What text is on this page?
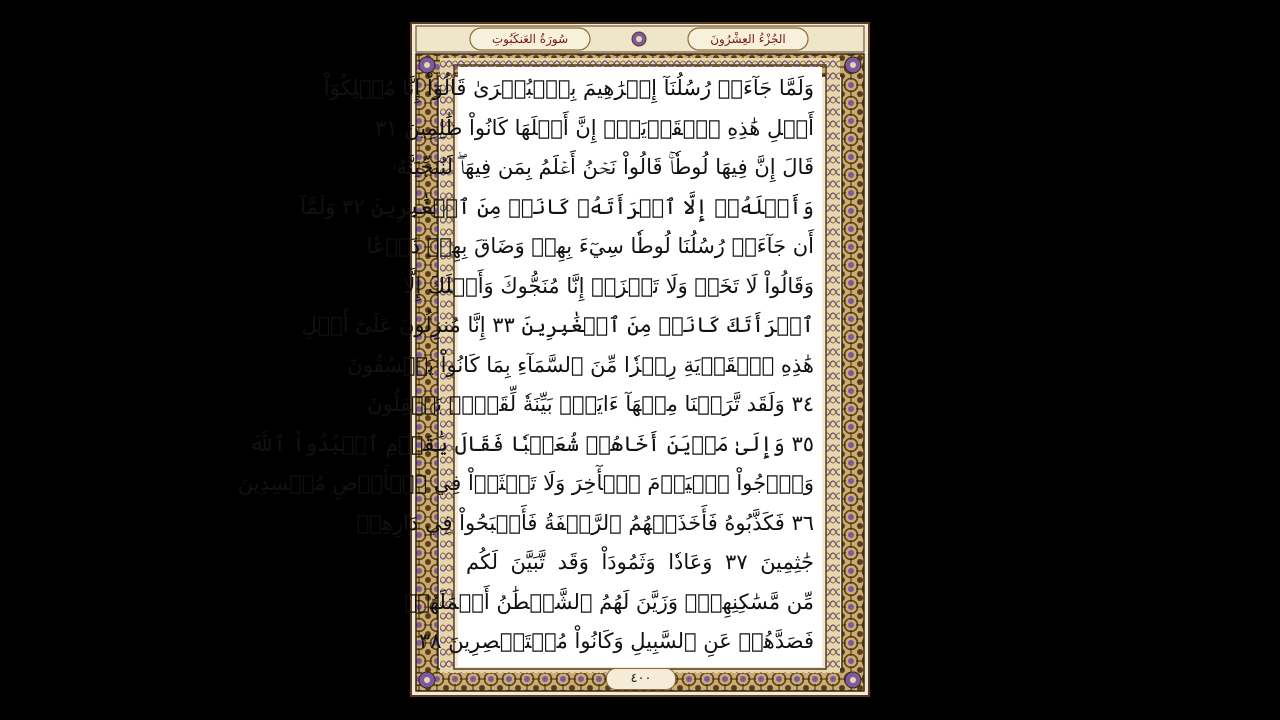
سُورَةُ العَنكَبُوتِ	الجُزْءُ العِشْرُونَ
وَلَمَّا جَآءَتۡ رُسُلُنَآ إِبۡرَٰهِيمَ بِٱلۡبُشۡرَىٰ قَالُوٓاْ إِنَّا مُهۡلِكُوٓاْ
أَهۡلِ هَٰذِهِ ٱلۡقَرۡيَةِۖ إِنَّ أَهۡلَهَا كَانُواْ ظَٰلِمِينَ ٣١
قَالَ إِنَّ فِيهَا لُوطٗاۚ قَالُواْ نَحۡنُ أَعۡلَمُ بِمَن فِيهَاۖ لَنُنَجِّيَنَّهُۥ
وَأَهۡلَهُۥٓ إِلَّا ٱمۡرَأَتَهُۥ كَانَتۡ مِنَ ٱلۡغَٰبِرِينَ ٣٢ وَلَمَّآ
أَن جَآءَتۡ رُسُلُنَا لُوطٗا سِيٓءَ بِهِمۡ وَضَاقَ بِهِمۡ ذَرۡعٗا
وَقَالُواْ لَا تَخَفۡ وَلَا تَحۡزَنۡ إِنَّا مُنَجُّوكَ وَأَهۡلَكَ إِلَّا
ٱمۡرَأَتَكَ كَانَتۡ مِنَ ٱلۡغَٰبِرِينَ ٣٣ إِنَّا مُنزِلُونَ عَلَىٰٓ أَهۡلِ
هَٰذِهِ ٱلۡقَرۡيَةِ رِجۡزٗا مِّنَ ٱلسَّمَآءِ بِمَا كَانُواْ يَفۡسُقُونَ
٣٤ وَلَقَد تَّرَكۡنَا مِنۡهَآ ءَايَةَۢ بَيِّنَةٗ لِّقَوۡمٖ يَعۡقِلُونَ
٣٥ وَإِلَىٰ مَدۡيَنَ أَخَاهُمۡ شُعَيۡبٗا فَقَالَ يَٰقَوۡمِ ٱعۡبُدُواْ ٱللَّهَ
وَٱرۡجُواْ ٱلۡيَوۡمَ ٱلۡأٓخِرَ وَلَا تَعۡثَوۡاْ فِي ٱلۡأَرۡضِ مُفۡسِدِينَ
٣٦ فَكَذَّبُوهُ فَأَخَذَتۡهُمُ ٱلرَّجۡفَةُ فَأَصۡبَحُواْ فِي دَارِهِمۡ
جَٰثِمِينَ ٣٧ وَعَادٗا وَثَمُودَاْ وَقَد تَّبَيَّنَ لَكُم
مِّن مَّسَٰكِنِهِمۡۖ وَزَيَّنَ لَهُمُ ٱلشَّيۡطَٰنُ أَعۡمَٰلَهُمۡ
فَصَدَّهُمۡ عَنِ ٱلسَّبِيلِ وَكَانُواْ مُسۡتَبۡصِرِينَ ٣٨
٤٠٠
